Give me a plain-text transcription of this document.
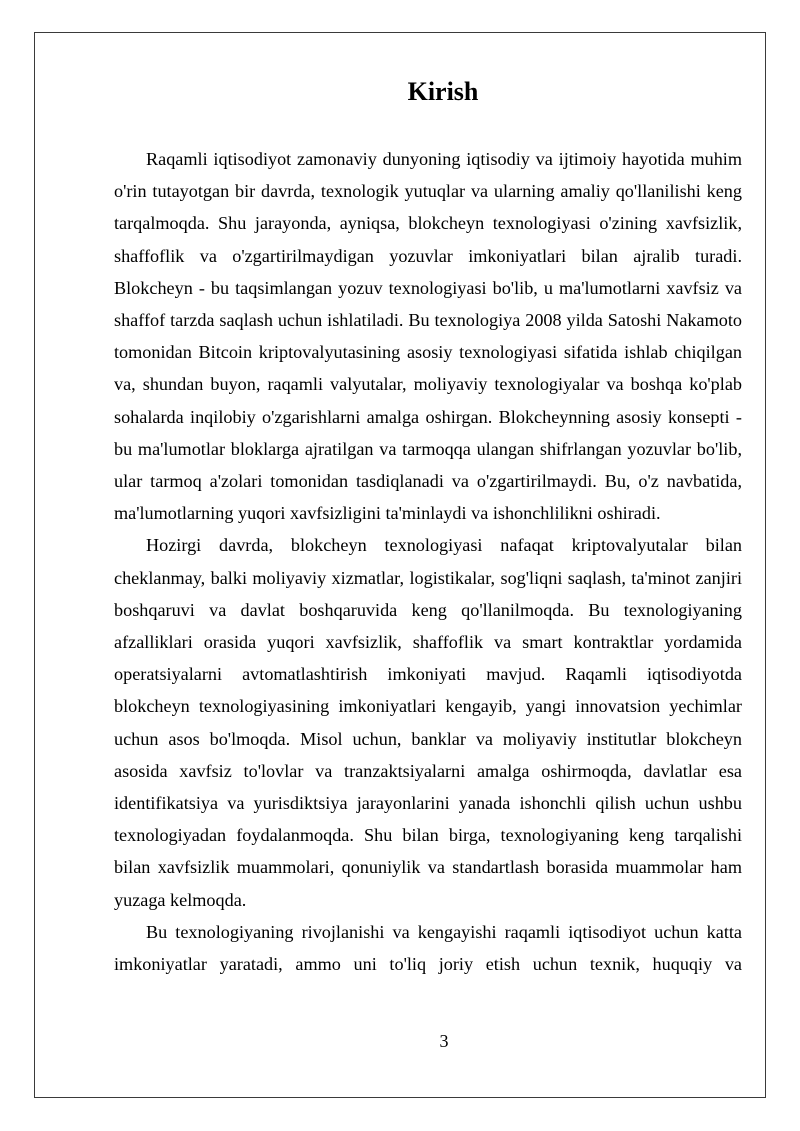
Kirish

Raqamli iqtisodiyot zamonaviy dunyoning iqtisodiy va ijtimoiy hayotida muhim o'rin tutayotgan bir davrda, texnologik yutuqlar va ularning amaliy qo'llanilishi keng tarqalmoqda. Shu jarayonda, ayniqsa, blokcheyn texnologiyasi o'zining xavfsizlik, shaffoflik va o'zgartirilmaydigan yozuvlar imkoniyatlari bilan ajralib turadi. Blokcheyn - bu taqsimlangan yozuv texnologiyasi bo'lib, u ma'lumotlarni xavfsiz va shaffof tarzda saqlash uchun ishlatiladi. Bu texnologiya 2008 yilda Satoshi Nakamoto tomonidan Bitcoin kriptovalyutasining asosiy texnologiyasi sifatida ishlab chiqilgan va, shundan buyon, raqamli valyutalar, moliyaviy texnologiyalar va boshqa ko'plab sohalarda inqilobiy o'zgarishlarni amalga oshirgan. Blokcheynning asosiy konsepti - bu ma'lumotlar bloklarga ajratilgan va tarmoqqa ulangan shifrlangan yozuvlar bo'lib, ular tarmoq a'zolari tomonidan tasdiqlanadi va o'zgartirilmaydi. Bu, o'z navbatida, ma'lumotlarning yuqori xavfsizligini ta'minlaydi va ishonchlilikni oshiradi.

Hozirgi davrda, blokcheyn texnologiyasi nafaqat kriptovalyutalar bilan cheklanmay, balki moliyaviy xizmatlar, logistikalar, sog'liqni saqlash, ta'minot zanjiri boshqaruvi va davlat boshqaruvida keng qo'llanilmoqda. Bu texnologiyaning afzalliklari orasida yuqori xavfsizlik, shaffoflik va smart kontraktlar yordamida operatsiyalarni avtomatlashtirish imkoniyati mavjud. Raqamli iqtisodiyotda blokcheyn texnologiyasining imkoniyatlari kengayib, yangi innovatsion yechimlar uchun asos bo'lmoqda. Misol uchun, banklar va moliyaviy institutlar blokcheyn asosida xavfsiz to'lovlar va tranzaktsiyalarni amalga oshirmoqda, davlatlar esa identifikatsiya va yurisdiktsiya jarayonlarini yanada ishonchli qilish uchun ushbu texnologiyadan foydalanmoqda. Shu bilan birga, texnologiyaning keng tarqalishi bilan xavfsizlik muammolari, qonuniylik va standartlash borasida muammolar ham yuzaga kelmoqda.

Bu texnologiyaning rivojlanishi va kengayishi raqamli iqtisodiyot uchun katta imkoniyatlar yaratadi, ammo uni to'liq joriy etish uchun texnik, huquqiy va

3
